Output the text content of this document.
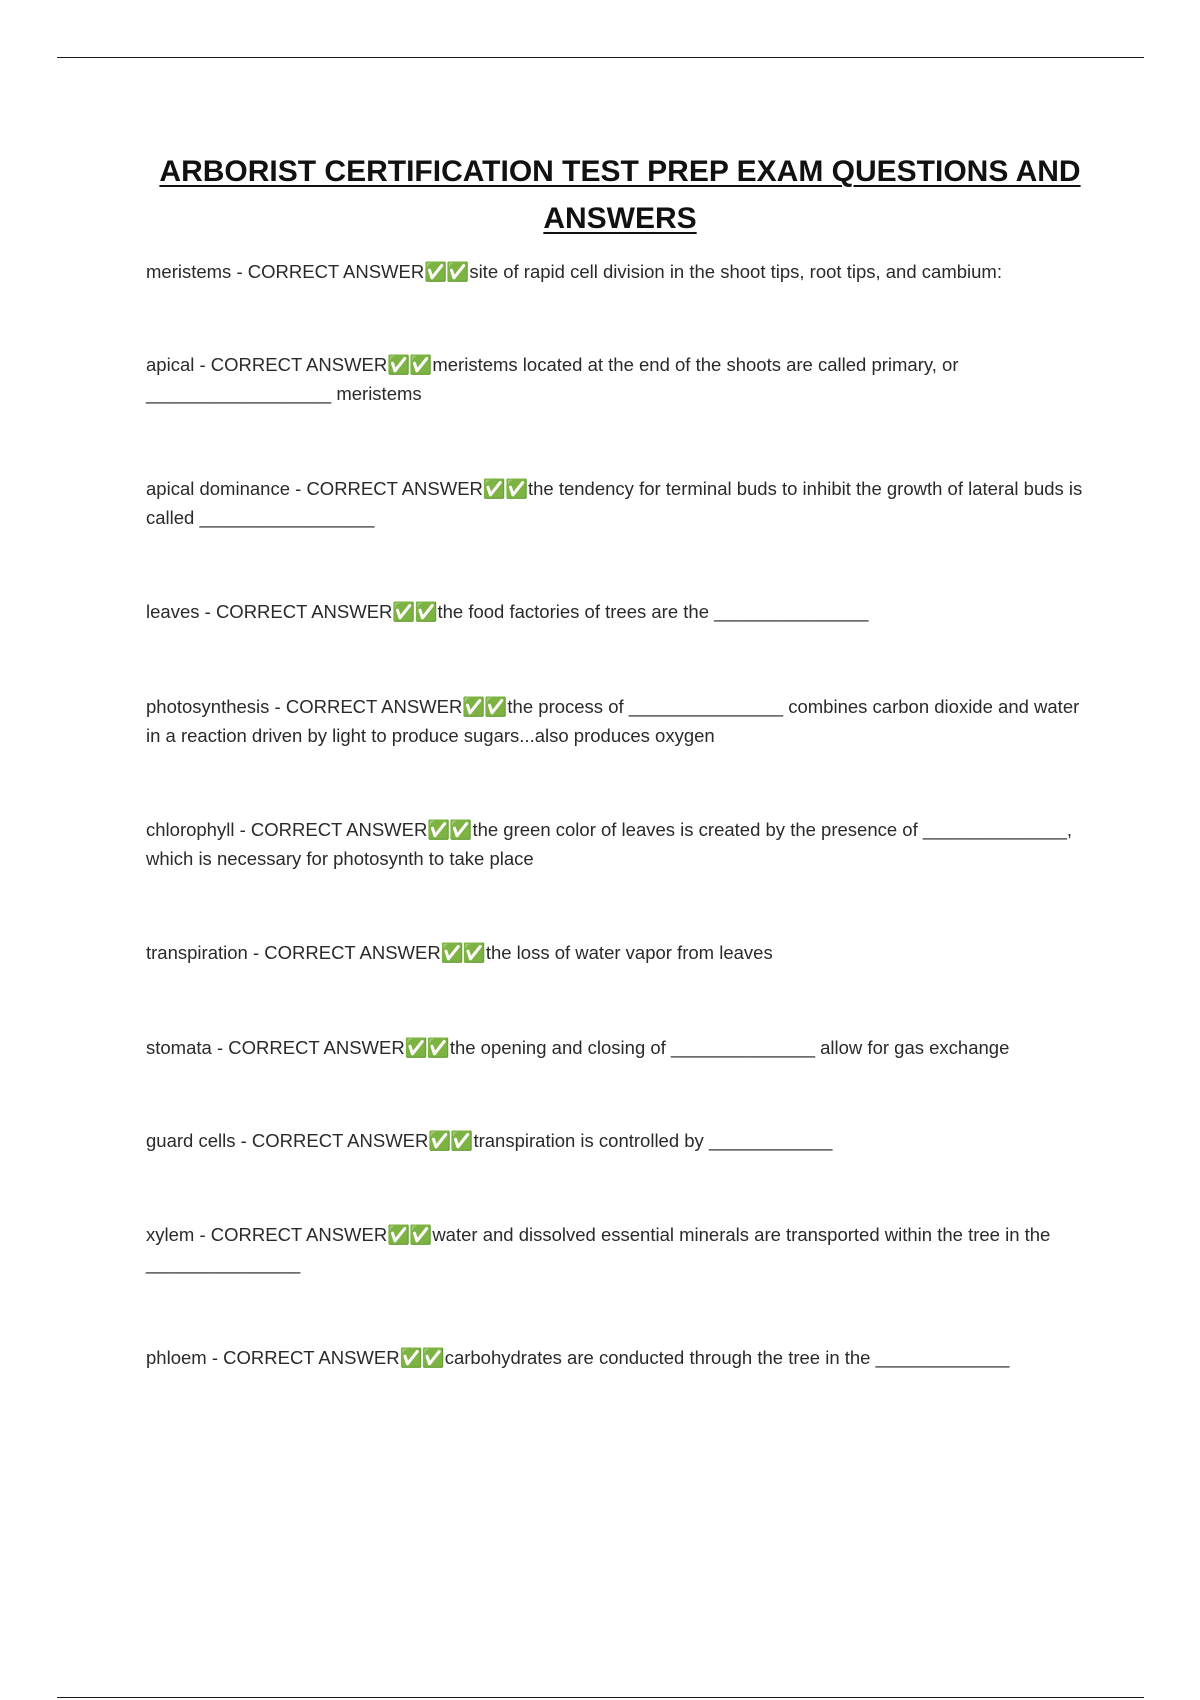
ARBORIST CERTIFICATION TEST PREP EXAM QUESTIONS AND ANSWERS

meristems - CORRECT ANSWER✅✅site of rapid cell division in the shoot tips, root tips, and cambium:

apical - CORRECT ANSWER✅✅meristems located at the end of the shoots are called primary, or __________________ meristems

apical dominance - CORRECT ANSWER✅✅the tendency for terminal buds to inhibit the growth of lateral buds is called _________________

leaves - CORRECT ANSWER✅✅the food factories of trees are the _______________

photosynthesis - CORRECT ANSWER✅✅the process of _______________ combines carbon dioxide and water in a reaction driven by light to produce sugars...also produces oxygen

chlorophyll - CORRECT ANSWER✅✅the green color of leaves is created by the presence of ______________, which is necessary for photosynth to take place

transpiration - CORRECT ANSWER✅✅the loss of water vapor from leaves

stomata - CORRECT ANSWER✅✅the opening and closing of ______________ allow for gas exchange

guard cells - CORRECT ANSWER✅✅transpiration is controlled by ____________

xylem - CORRECT ANSWER✅✅water and dissolved essential minerals are transported within the tree in the _______________

phloem - CORRECT ANSWER✅✅carbohydrates are conducted through the tree in the _____________
